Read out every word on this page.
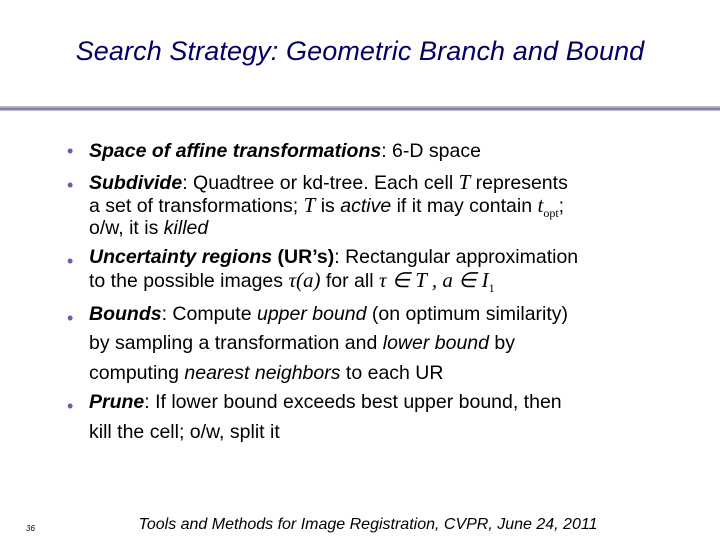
Search Strategy: Geometric Branch and Bound
• Space of affine transformations: 6-D space
• Subdivide: Quadtree or kd-tree. Each cell T represents
a set of transformations; T is active if it may contain $t_{opt}$;
o/w, it is killed
• Uncertainty regions (UR’s): Rectangular approximation
to the possible images τ(a) for all τ ∈ T , a ∈ $I_1$
• Bounds: Compute upper bound (on optimum similarity)
by sampling a transformation and lower bound by
computing nearest neighbors to each UR
• Prune: If lower bound exceeds best upper bound, then
kill the cell; o/w, split it
36	Tools and Methods for Image Registration, CVPR, June 24, 2011
